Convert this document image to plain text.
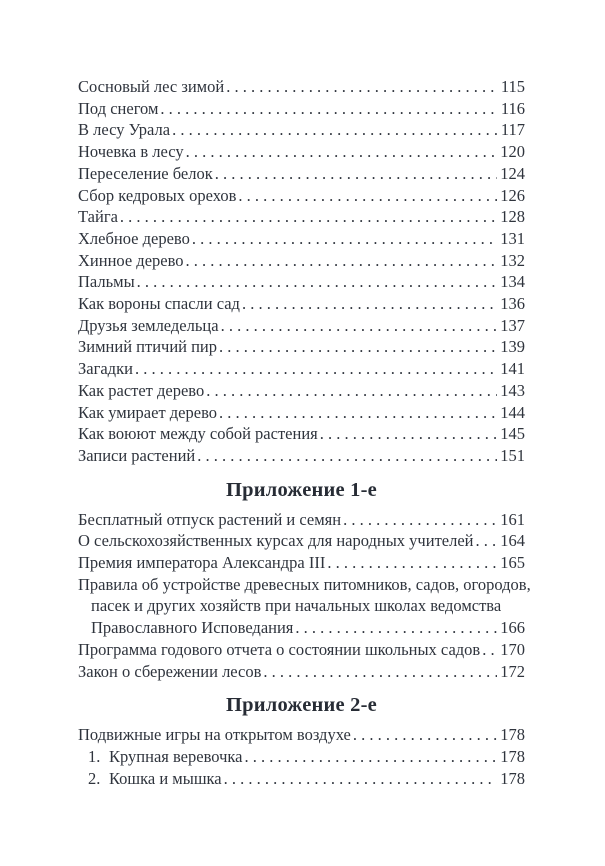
Сосновый лес зимой . . .	115
Под снегом . . .	116
В лесу Урала . . .	117
Ночевка в лесу . . .	120
Переселение белок . . .	124
Сбор кедровых орехов . . .	126
Тайга . . .	128
Хлебное дерево . . .	131
Хинное дерево . . .	132
Пальмы . . .	134
Как вороны спасли сад . . .	136
Друзья земледельца . . .	137
Зимний птичий пир . . .	139
Загадки . . .	141
Как растет дерево . . .	143
Как умирает дерево . . .	144
Как воюют между собой растения . . .	145
Записи растений . . .	151
Приложение 1-е
Бесплатный отпуск растений и семян . . .	161
О сельскохозяйственных курсах для народных учителей . . . 164
Премия императора Александра III . . .	165
Правила об устройстве древесных питомников, садов, огородов,
пасек и других хозяйств при начальных школах ведомства
Православного Исповедания . . .	166
Программа годового отчета о состоянии школьных садов . . . 170
Закон о сбережении лесов . . .	172
Приложение 2-е
Подвижные игры на открытом воздухе . . .	178
1. Крупная веревочка . . .	178
2. Кошка и мышка . . .	178
